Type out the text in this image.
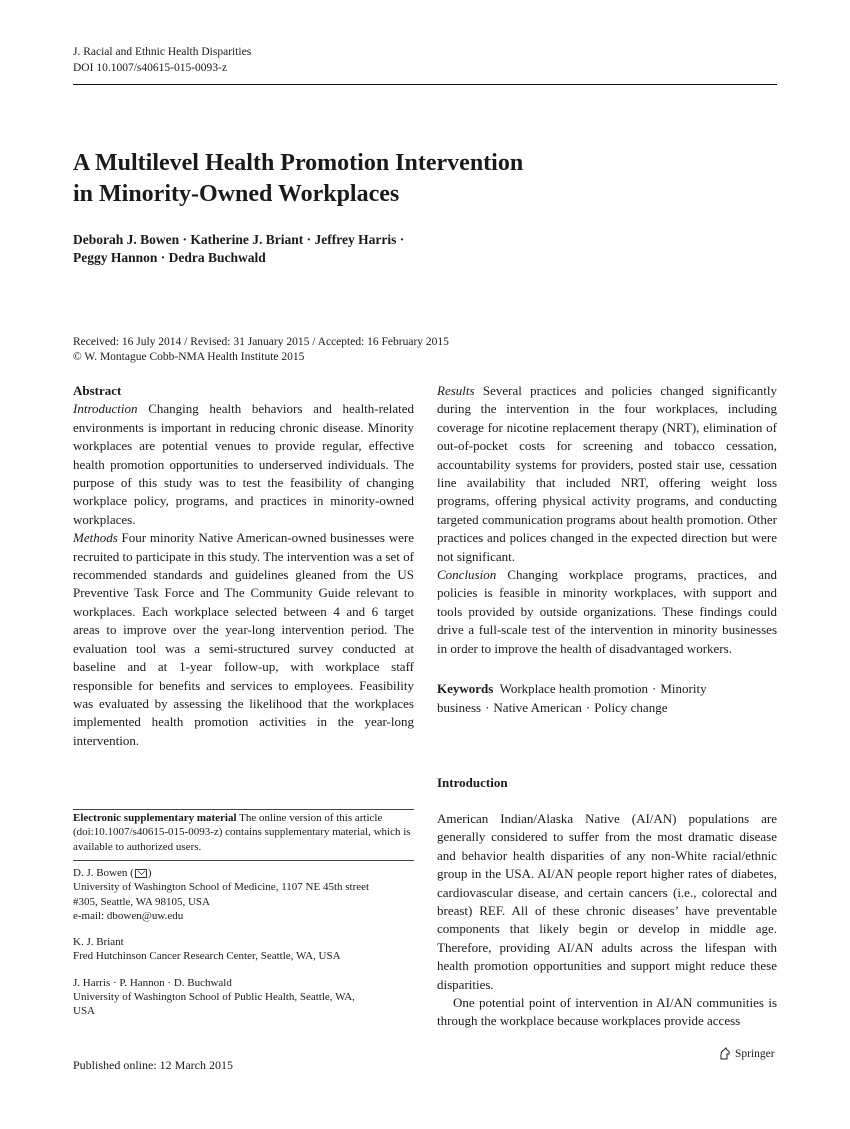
J. Racial and Ethnic Health Disparities
DOI 10.1007/s40615-015-0093-z
A Multilevel Health Promotion Intervention
in Minority-Owned Workplaces
Deborah J. Bowen · Katherine J. Briant · Jeffrey Harris ·
Peggy Hannon · Dedra Buchwald
Received: 16 July 2014 / Revised: 31 January 2015 / Accepted: 16 February 2015
© W. Montague Cobb-NMA Health Institute 2015
Abstract

Introduction Changing health behaviors and health-related environments is important in reducing chronic disease. Minority workplaces are potential venues to provide regular, effective health promotion opportunities to underserved individuals. The purpose of this study was to test the feasibility of changing workplace policy, programs, and practices in minority-owned workplaces.

Methods Four minority Native American-owned businesses were recruited to participate in this study. The intervention was a set of recommended standards and guidelines gleaned from the US Preventive Task Force and The Community Guide relevant to workplaces. Each workplace selected between 4 and 6 target areas to improve over the year-long intervention period. The evaluation tool was a semi-structured survey conducted at baseline and at 1-year follow-up, with workplace staff responsible for benefits and services to employees. Feasibility was evaluated by assessing the likelihood that the workplaces implemented health promotion activities in the year-long intervention.

Results Several practices and policies changed significantly during the intervention in the four workplaces, including coverage for nicotine replacement therapy (NRT), elimination of out-of-pocket costs for screening and tobacco cessation, accountability systems for providers, posted stair use, cessation line availability that included NRT, offering weight loss programs, offering physical activity programs, and conducting targeted communication programs about health promotion. Other practices and polices changed in the expected direction but were not significant.

Conclusion Changing workplace programs, practices, and policies is feasible in minority workplaces, with support and tools provided by outside organizations. These findings could drive a full-scale test of the intervention in minority businesses in order to improve the health of disadvantaged workers.

Keywords Workplace health promotion · Minority business · Native American · Policy change
Introduction

American Indian/Alaska Native (AI/AN) populations are generally considered to suffer from the most dramatic disease and behavior health disparities of any non-White racial/ethnic group in the USA. AI/AN people report higher rates of diabetes, cardiovascular disease, and certain cancers (i.e., colorectal and breast) REF. All of these chronic diseases’ have preventable components that likely begin or develop in middle age. Therefore, providing AI/AN adults across the lifespan with health promotion opportunities and support might reduce these disparities.

One potential point of intervention in AI/AN communities is through the workplace because workplaces provide access

Electronic supplementary material The online version of this article (doi:10.1007/s40615-015-0093-z) contains supplementary material, which is available to authorized users.

D. J. Bowen ( )

University of Washington School of Medicine, 1107 NE 45th street

#305, Seattle, WA 98105, USA

e-mail: dbowen@uw.edu

K. J. Briant

Fred Hutchinson Cancer Research Center, Seattle, WA, USA

J. Harris · P. Hannon · D. Buchwald

University of Washington School of Public Health, Seattle, WA,

USA

Published online: 12 March 2015
Springer
